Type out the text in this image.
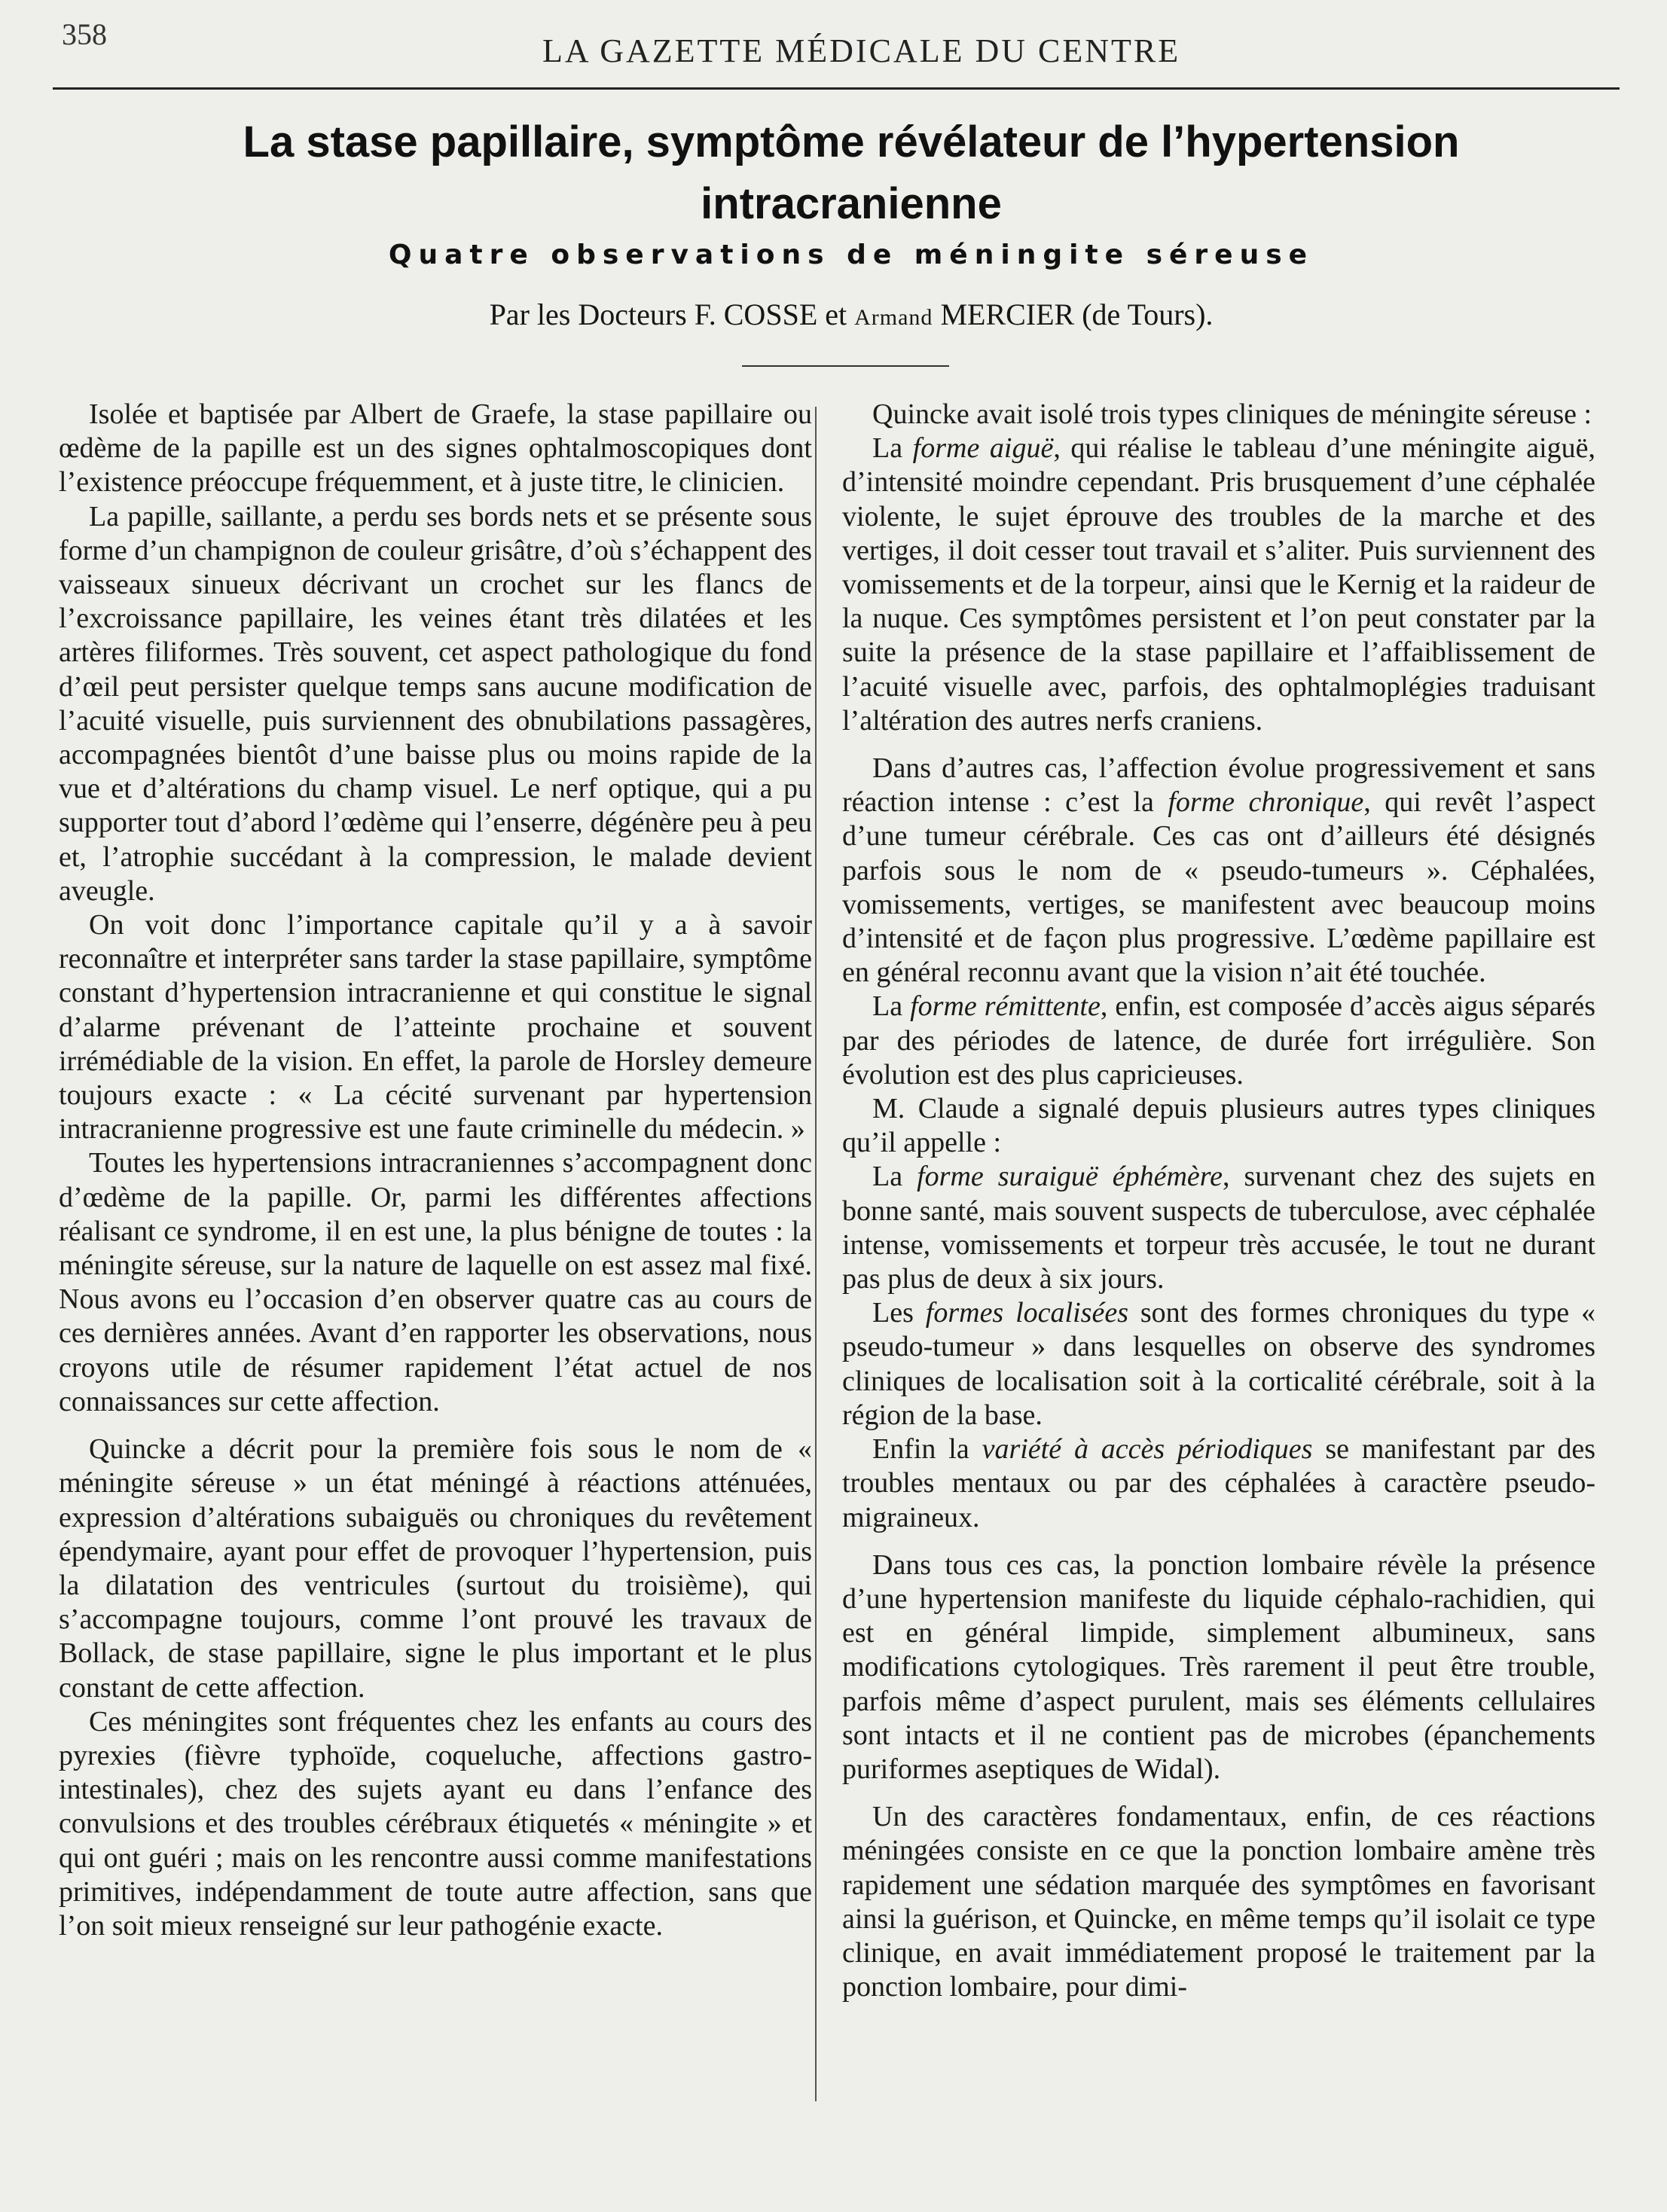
358	LA GAZETTE MÉDICALE DU CENTRE
La stase papillaire, symptôme révélateur de l’hypertension intracranienne
Quatre observations de méningite séreuse
Par les Docteurs F. COSSE et Armand MERCIER (de Tours).

Isolée et baptisée par Albert de Graefe, la stase papillaire ou œdème de la papille est un des signes ophtalmoscopiques dont l’existence préoccupe fréquemment, et à juste titre, le clinicien.

La papille, saillante, a perdu ses bords nets et se présente sous forme d’un champignon de couleur grisâtre, d’où s’échappent des vaisseaux sinueux décrivant un crochet sur les flancs de l’excroissance papillaire, les veines étant très dilatées et les artères filiformes. Très souvent, cet aspect pathologique du fond d’œil peut persister quelque temps sans aucune modification de l’acuité visuelle, puis surviennent des obnubilations passagères, accompagnées bientôt d’une baisse plus ou moins rapide de la vue et d’altérations du champ visuel. Le nerf optique, qui a pu supporter tout d’abord l’œdème qui l’enserre, dégénère peu à peu et, l’atrophie succédant à la compression, le malade devient aveugle.

On voit donc l’importance capitale qu’il y a à savoir reconnaître et interpréter sans tarder la stase papillaire, symptôme constant d’hypertension intracranienne et qui constitue le signal d’alarme prévenant de l’atteinte prochaine et souvent irrémédiable de la vision. En effet, la parole de Horsley demeure toujours exacte : « La cécité survenant par hypertension intracranienne progressive est une faute criminelle du médecin. »

Toutes les hypertensions intracraniennes s’accompagnent donc d’œdème de la papille. Or, parmi les différentes affections réalisant ce syndrome, il en est une, la plus bénigne de toutes : la méningite séreuse, sur la nature de laquelle on est assez mal fixé. Nous avons eu l’occasion d’en observer quatre cas au cours de ces dernières années. Avant d’en rapporter les observations, nous croyons utile de résumer rapidement l’état actuel de nos connaissances sur cette affection.

Quincke a décrit pour la première fois sous le nom de « méningite séreuse » un état méningé à réactions atténuées, expression d’altérations subaiguës ou chroniques du revêtement épendymaire, ayant pour effet de provoquer l’hypertension, puis la dilatation des ventricules (surtout du troisième), qui s’accompagne toujours, comme l’ont prouvé les travaux de Bollack, de stase papillaire, signe le plus important et le plus constant de cette affection.

Ces méningites sont fréquentes chez les enfants au cours des pyrexies (fièvre typhoïde, coqueluche, affections gastro-intestinales), chez des sujets ayant eu dans l’enfance des convulsions et des troubles cérébraux étiquetés « méningite » et qui ont guéri ; mais on les rencontre aussi comme manifestations primitives, indépendamment de toute autre affection, sans que l’on soit mieux renseigné sur leur pathogénie exacte.

Quincke avait isolé trois types cliniques de méningite séreuse :

La forme aiguë, qui réalise le tableau d’une méningite aiguë, d’intensité moindre cependant. Pris brusquement d’une céphalée violente, le sujet éprouve des troubles de la marche et des vertiges, il doit cesser tout travail et s’aliter. Puis surviennent des vomissements et de la torpeur, ainsi que le Kernig et la raideur de la nuque. Ces symptômes persistent et l’on peut constater par la suite la présence de la stase papillaire et l’affaiblissement de l’acuité visuelle avec, parfois, des ophtalmoplégies traduisant l’altération des autres nerfs craniens.

Dans d’autres cas, l’affection évolue progressivement et sans réaction intense : c’est la forme chronique, qui revêt l’aspect d’une tumeur cérébrale. Ces cas ont d’ailleurs été désignés parfois sous le nom de « pseudo-tumeurs ». Céphalées, vomissements, vertiges, se manifestent avec beaucoup moins d’intensité et de façon plus progressive. L’œdème papillaire est en général reconnu avant que la vision n’ait été touchée.

La forme rémittente, enfin, est composée d’accès aigus séparés par des périodes de latence, de durée fort irrégulière. Son évolution est des plus capricieuses.

M. Claude a signalé depuis plusieurs autres types cliniques qu’il appelle :

La forme suraiguë éphémère, survenant chez des sujets en bonne santé, mais souvent suspects de tuberculose, avec céphalée intense, vomissements et torpeur très accusée, le tout ne durant pas plus de deux à six jours.

Les formes localisées sont des formes chroniques du type « pseudo-tumeur » dans lesquelles on observe des syndromes cliniques de localisation soit à la corticalité cérébrale, soit à la région de la base.

Enfin la variété à accès périodiques se manifestant par des troubles mentaux ou par des céphalées à caractère pseudo-migraineux.

Dans tous ces cas, la ponction lombaire révèle la présence d’une hypertension manifeste du liquide céphalo-rachidien, qui est en général limpide, simplement albumineux, sans modifications cytologiques. Très rarement il peut être trouble, parfois même d’aspect purulent, mais ses éléments cellulaires sont intacts et il ne contient pas de microbes (épanchements puriformes aseptiques de Widal).

Un des caractères fondamentaux, enfin, de ces réactions méningées consiste en ce que la ponction lombaire amène très rapidement une sédation marquée des symptômes en favorisant ainsi la guérison, et Quincke, en même temps qu’il isolait ce type clinique, en avait immédiatement proposé le traitement par la ponction lombaire, pour dimi-
